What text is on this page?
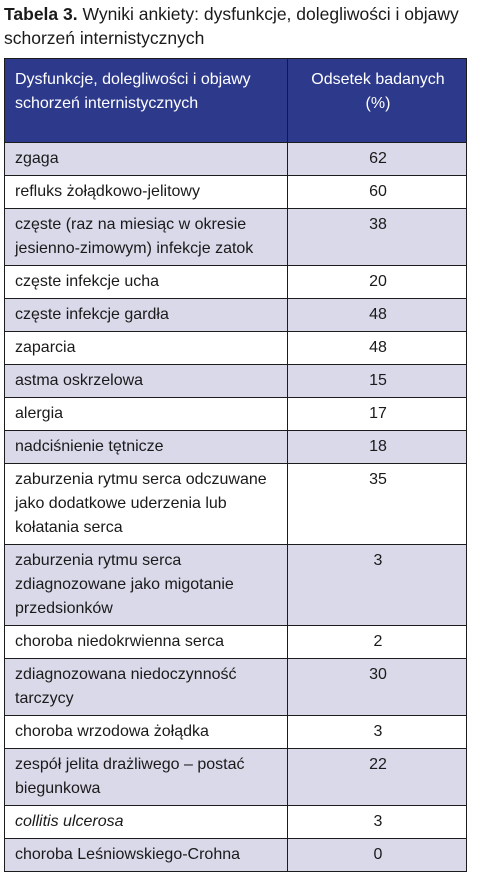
Tabela 3. Wyniki ankiety: dysfunkcje, dolegliwości i objawy schorzeń internistycznych
Dysfunkcje, dolegliwości i objawy schorzeń internistycznych	Odsetek badanych (%)
zgaga	62
refluks żołądkowo-jelitowy	60
częste (raz na miesiąc w okresie jesienno-zimowym) infekcje zatok	38
częste infekcje ucha	20
częste infekcje gardła	48
zaparcia	48
astma oskrzelowa	15
alergia	17
nadciśnienie tętnicze	18
zaburzenia rytmu serca odczuwane jako dodatkowe uderzenia lub kołatania serca	35
zaburzenia rytmu serca zdiagnozowane jako migotanie przedsionków	3
choroba niedokrwienna serca	2
zdiagnozowana niedoczynność tarczycy	30
choroba wrzodowa żołądka	3
zespół jelita drażliwego – postać biegunkowa	22
collitis ulcerosa	3
choroba Leśniowskiego-Crohna	0
